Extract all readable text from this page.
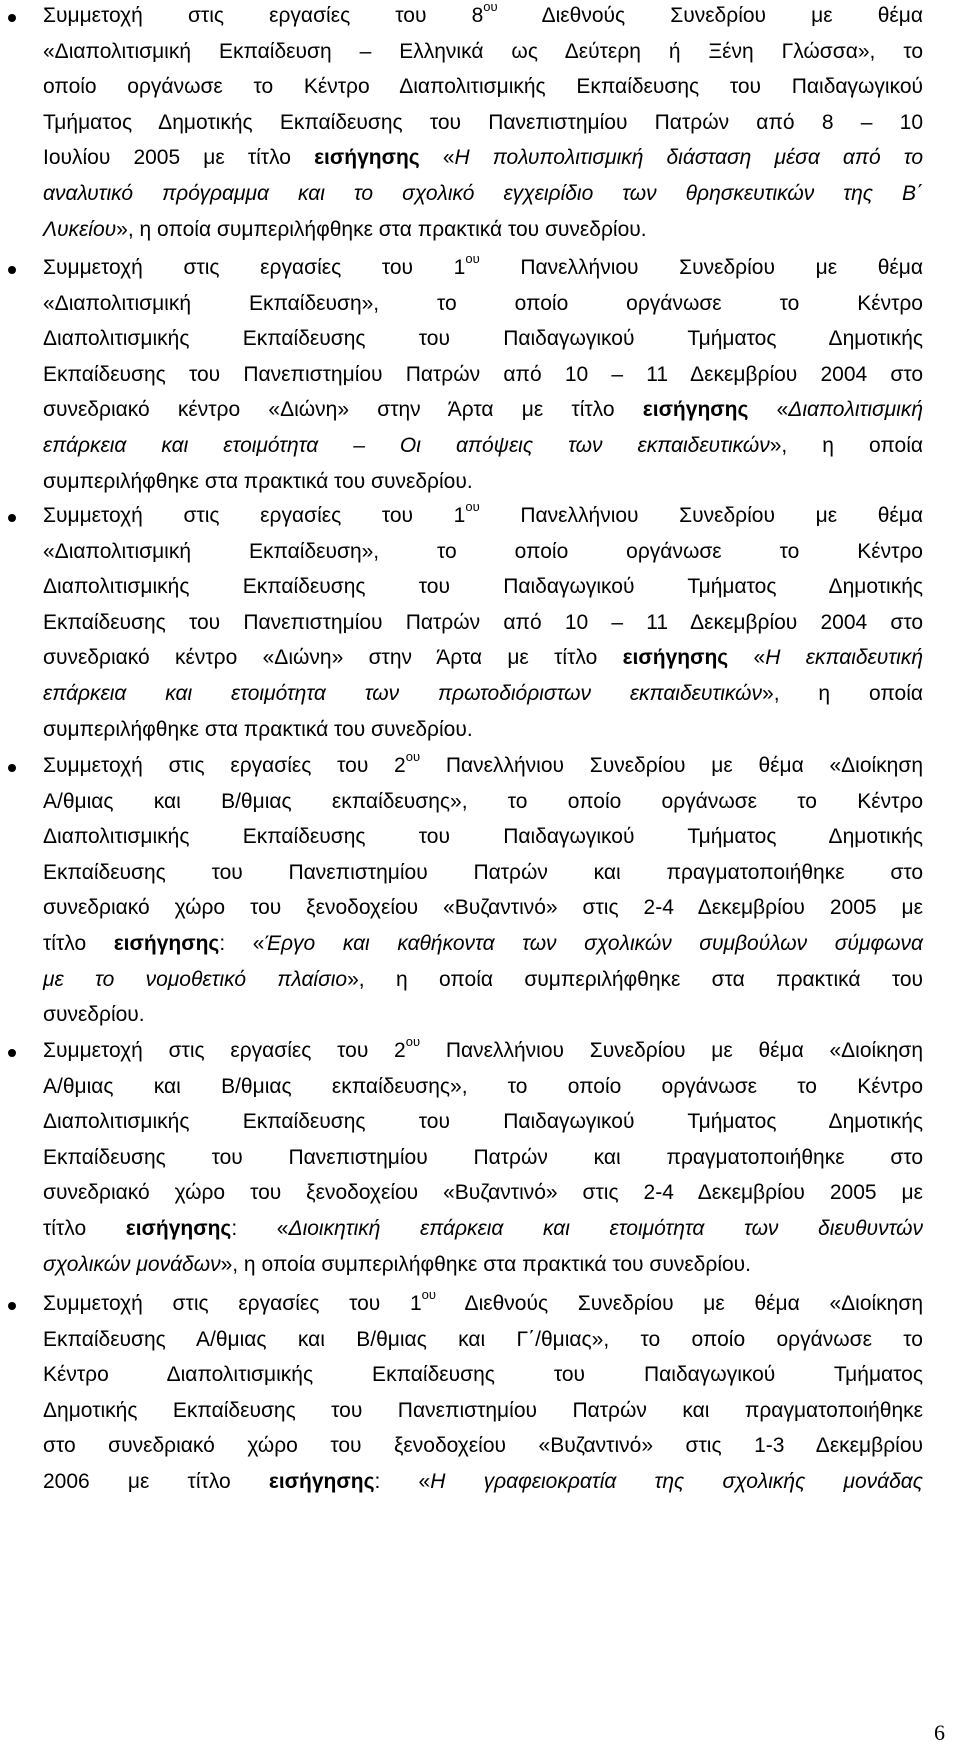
Συμμετοχή στις εργασίες του $8^{o\upsilon}$ Διεθνούς Συνεδρίου με θέμα
«Διαπολιτισμική Εκπαίδευση – Ελληνικά ως Δεύτερη ή Ξένη Γλώσσα», το
οποίο οργάνωσε το Κέντρο Διαπολιτισμικής Εκπαίδευσης του Παιδαγωγικού
Τμήματος Δημοτικής Εκπαίδευσης του Πανεπιστημίου Πατρών από 8 – 10
Ιουλίου 2005 με τίτλο εισήγησης «Η πολυπολιτισμική διάσταση μέσα από το
αναλυτικό πρόγραμμα και το σχολικό εγχειρίδιο των θρησκευτικών της Β΄
Λυκείου», η οποία συμπεριλήφθηκε στα πρακτικά του συνεδρίου.
Συμμετοχή στις εργασίες του $1^{o\upsilon}$ Πανελλήνιου Συνεδρίου με θέμα
«Διαπολιτισμική Εκπαίδευση», το οποίο οργάνωσε το Κέντρο
Διαπολιτισμικής Εκπαίδευσης του Παιδαγωγικού Τμήματος Δημοτικής
Εκπαίδευσης του Πανεπιστημίου Πατρών από 10 – 11 Δεκεμβρίου 2004 στο
συνεδριακό κέντρο «Διώνη» στην Άρτα με τίτλο εισήγησης «Διαπολιτισμική
επάρκεια και ετοιμότητα – Οι απόψεις των εκπαιδευτικών», η οποία
συμπεριλήφθηκε στα πρακτικά του συνεδρίου.
Συμμετοχή στις εργασίες του $1^{o\upsilon}$ Πανελλήνιου Συνεδρίου με θέμα
«Διαπολιτισμική Εκπαίδευση», το οποίο οργάνωσε το Κέντρο
Διαπολιτισμικής Εκπαίδευσης του Παιδαγωγικού Τμήματος Δημοτικής
Εκπαίδευσης του Πανεπιστημίου Πατρών από 10 – 11 Δεκεμβρίου 2004 στο
συνεδριακό κέντρο «Διώνη» στην Άρτα με τίτλο εισήγησης «Η εκπαιδευτική
επάρκεια και ετοιμότητα των πρωτοδιόριστων εκπαιδευτικών», η οποία
συμπεριλήφθηκε στα πρακτικά του συνεδρίου.
Συμμετοχή στις εργασίες του $2^{o\upsilon}$ Πανελλήνιου Συνεδρίου με θέμα «Διοίκηση
Α/θμιας και Β/θμιας εκπαίδευσης», το οποίο οργάνωσε το Κέντρο
Διαπολιτισμικής Εκπαίδευσης του Παιδαγωγικού Τμήματος Δημοτικής
Εκπαίδευσης του Πανεπιστημίου Πατρών και πραγματοποιήθηκε στο
συνεδριακό χώρο του ξενοδοχείου «Βυζαντινό» στις 2-4 Δεκεμβρίου 2005 με
τίτλο εισήγησης: «Έργο και καθήκοντα των σχολικών συμβούλων σύμφωνα
με το νομοθετικό πλαίσιο», η οποία συμπεριλήφθηκε στα πρακτικά του
συνεδρίου.
Συμμετοχή στις εργασίες του $2^{o\upsilon}$ Πανελλήνιου Συνεδρίου με θέμα «Διοίκηση
Α/θμιας και Β/θμιας εκπαίδευσης», το οποίο οργάνωσε το Κέντρο
Διαπολιτισμικής Εκπαίδευσης του Παιδαγωγικού Τμήματος Δημοτικής
Εκπαίδευσης του Πανεπιστημίου Πατρών και πραγματοποιήθηκε στο
συνεδριακό χώρο του ξενοδοχείου «Βυζαντινό» στις 2-4 Δεκεμβρίου 2005 με
τίτλο εισήγησης: «Διοικητική επάρκεια και ετοιμότητα των διευθυντών
σχολικών μονάδων», η οποία συμπεριλήφθηκε στα πρακτικά του συνεδρίου.
Συμμετοχή στις εργασίες του $1^{o\upsilon}$ Διεθνούς Συνεδρίου με θέμα «Διοίκηση
Εκπαίδευσης Α/θμιας και Β/θμιας και Γ΄/θμιας», το οποίο οργάνωσε το
Κέντρο Διαπολιτισμικής Εκπαίδευσης του Παιδαγωγικού Τμήματος
Δημοτικής Εκπαίδευσης του Πανεπιστημίου Πατρών και πραγματοποιήθηκε
στο συνεδριακό χώρο του ξενοδοχείου «Βυζαντινό» στις 1-3 Δεκεμβρίου
2006 με τίτλο εισήγησης: «Η γραφειοκρατία της σχολικής μονάδας
6
